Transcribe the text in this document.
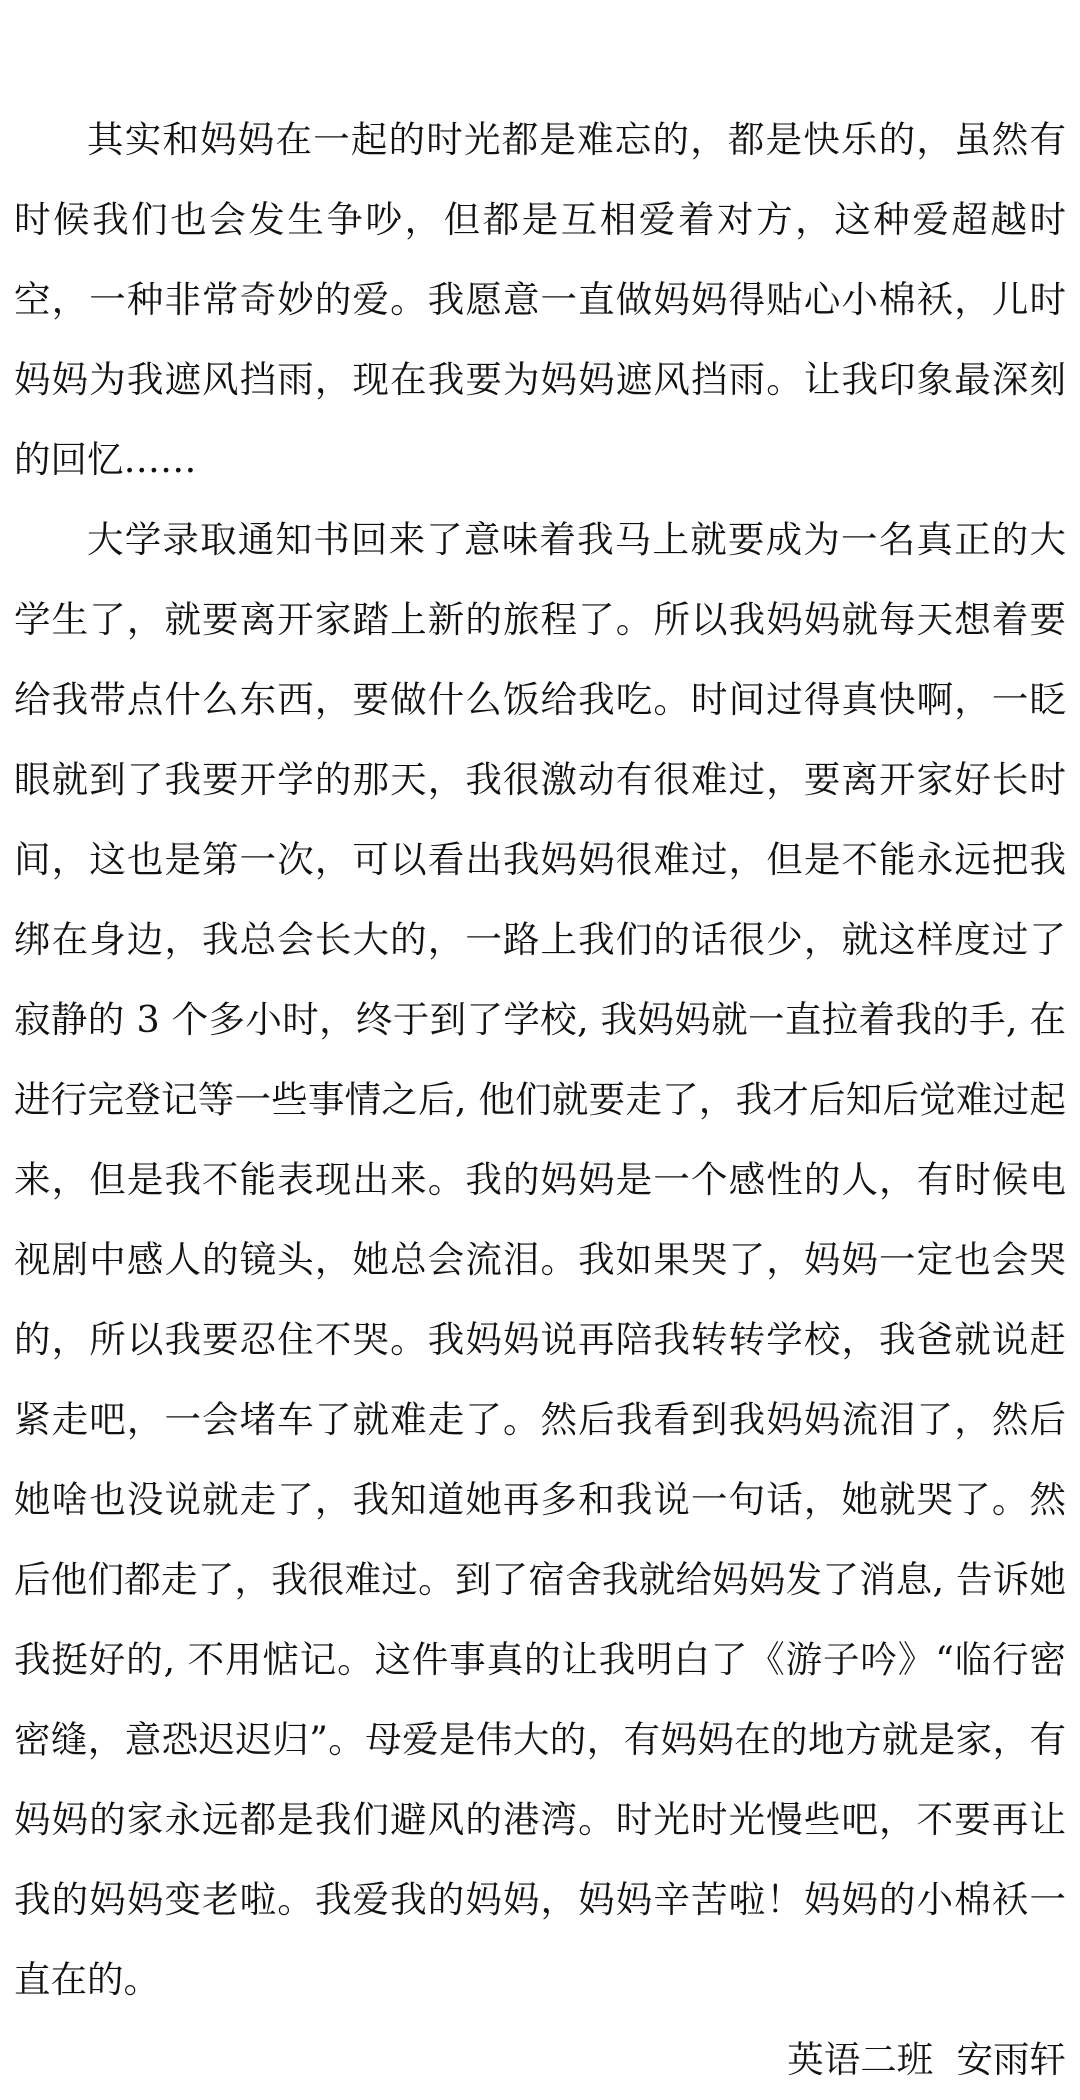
其实和妈妈在一起的时光都是难忘的，都是快乐的，虽然有时候我们也会发生争吵，但都是互相爱着对方，这种爱超越时空，一种非常奇妙的爱。我愿意一直做妈妈得贴心小棉袄，儿时妈妈为我遮风挡雨，现在我要为妈妈遮风挡雨。让我印象最深刻的回忆……

大学录取通知书回来了意味着我马上就要成为一名真正的大学生了，就要离开家踏上新的旅程了。所以我妈妈就每天想着要给我带点什么东西，要做什么饭给我吃。时间过得真快啊，一眨眼就到了我要开学的那天，我很激动有很难过，要离开家好长时间，这也是第一次，可以看出我妈妈很难过，但是不能永远把我绑在身边，我总会长大的，一路上我们的话很少，就这样度过了寂静的 3 个多小时，终于到了学校, 我妈妈就一直拉着我的手, 在进行完登记等一些事情之后, 他们就要走了，我才后知后觉难过起来，但是我不能表现出来。我的妈妈是一个感性的人，有时候电视剧中感人的镜头，她总会流泪。我如果哭了，妈妈一定也会哭的，所以我要忍住不哭。我妈妈说再陪我转转学校，我爸就说赶紧走吧，一会堵车了就难走了。然后我看到我妈妈流泪了，然后她啥也没说就走了，我知道她再多和我说一句话，她就哭了。然后他们都走了，我很难过。到了宿舍我就给妈妈发了消息, 告诉她我挺好的, 不用惦记。这件事真的让我明白了《游子吟》“临行密密缝，意恐迟迟归”。母爱是伟大的，有妈妈在的地方就是家，有妈妈的家永远都是我们避风的港湾。时光时光慢些吧，不要再让我的妈妈变老啦。我爱我的妈妈，妈妈辛苦啦！妈妈的小棉袄一直在的。

英语二班  安雨轩
